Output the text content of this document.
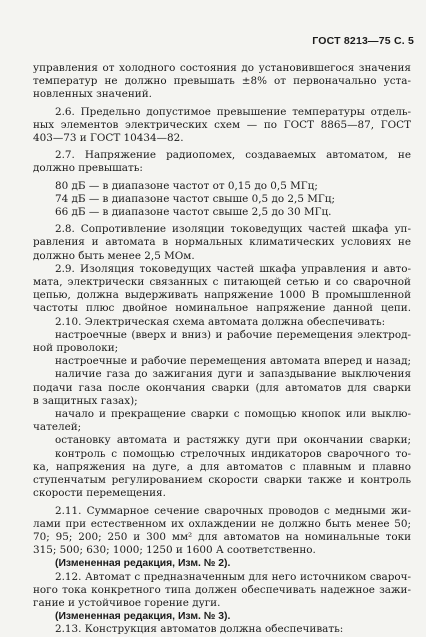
ГОСТ 8213—75 С. 5
управления от холодного состояния до установившегося значения
температур не должно превышать ±8% от первоначально уста-
новленных значений.
2.6. Предельно допустимое превышение температуры отдель-
ных элементов электрических схем — по ГОСТ 8865—87, ГОСТ
403—73 и ГОСТ 10434—82.
2.7. Напряжение радиопомех, создаваемых автоматом, не
должно превышать:
80 дБ — в диапазоне частот от 0,15 до 0,5 МГц;
74 дБ — в диапазоне частот свыше 0,5 до 2,5 МГц;
66 дБ — в диапазоне частот свыше 2,5 до 30 МГц.
2.8. Сопротивление изоляции токоведущих частей шкафа уп-
равления и автомата в нормальных климатических условиях не
должно быть менее 2,5 МОм.
2.9. Изоляция токоведущих частей шкафа управления и авто-
мата, электрически связанных с питающей сетью и со сварочной
цепью, должна выдерживать напряжение 1000 В промышленной
частоты плюс двойное номинальное напряжение данной цепи.
2.10. Электрическая схема автомата должна обеспечивать:
настроечные (вверх и вниз) и рабочие перемещения электрод-
ной проволоки;
настроечные и рабочие перемещения автомата вперед и назад;
наличие газа до зажигания дуги и запаздывание выключения
подачи газа после окончания сварки (для автоматов для сварки
в защитных газах);
начало и прекращение сварки с помощью кнопок или выклю-
чателей;
остановку автомата и растяжку дуги при окончании сварки;
контроль с помощью стрелочных индикаторов сварочного то-
ка, напряжения на дуге, а для автоматов с плавным и плавно
ступенчатым регулированием скорости сварки также и контроль
скорости перемещения.
2.11. Суммарное сечение сварочных проводов с медными жи-
лами при естественном их охлаждении не должно быть менее 50;
70; 95; 200; 250 и 300 мм² для автоматов на номинальные токи
315; 500; 630; 1000; 1250 и 1600 А соответственно.
(Измененная редакция, Изм. № 2).
2.12. Автомат с предназначенным для него источником свароч-
ного тока конкретного типа должен обеспечивать надежное зажи-
гание и устойчивое горение дуги.
(Измененная редакция, Изм. № 3).
2.13. Конструкция автоматов должна обеспечивать:
